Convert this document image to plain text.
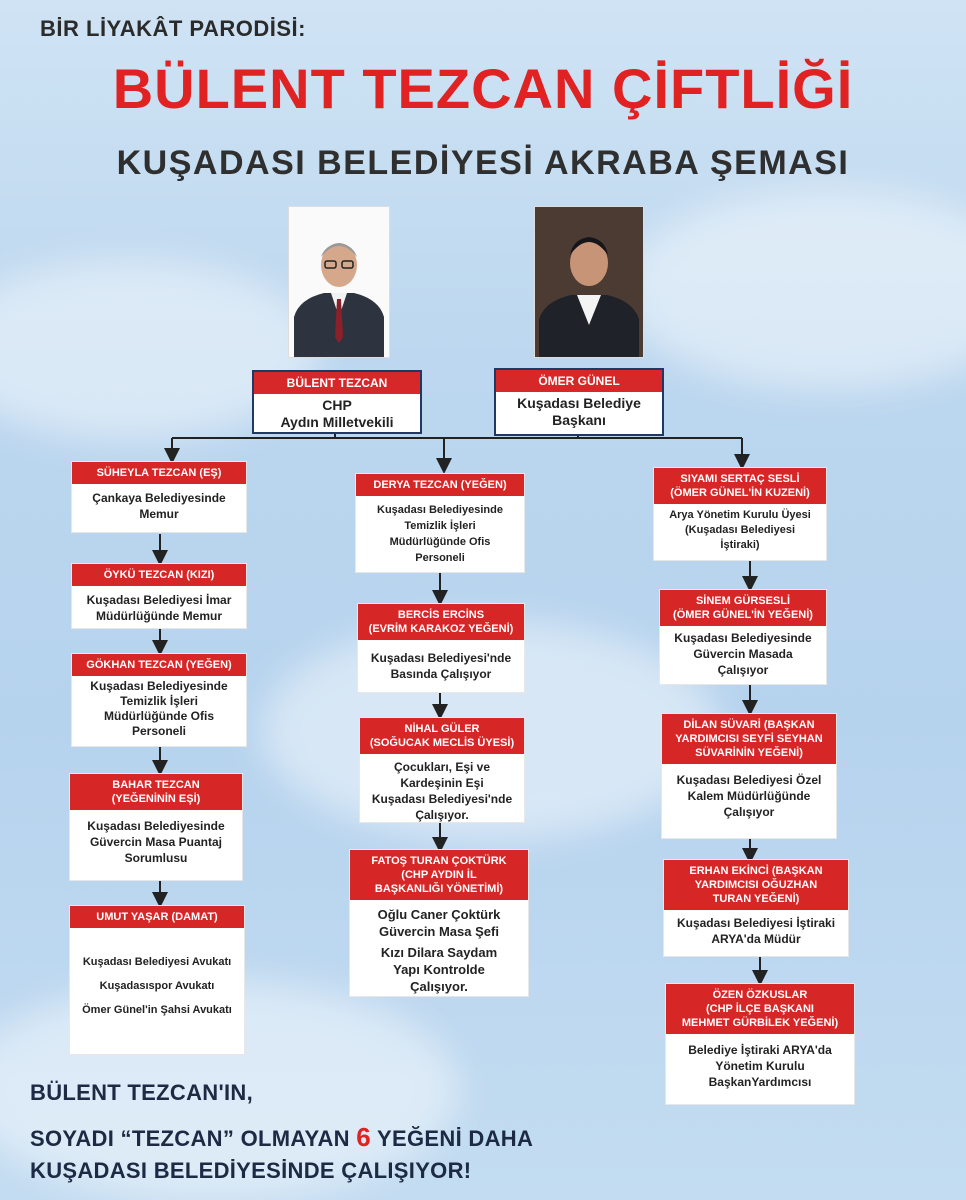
BİR LİYAKÂT PARODİSİ:
BÜLENT TEZCAN ÇİFTLİĞİ
KUŞADASI BELEDİYESİ AKRABA ŞEMASI
BÜLENT TEZCAN
CHP
Aydın Milletvekili
ÖMER GÜNEL
Kuşadası Belediye
Başkanı
SÜHEYLA TEZCAN (EŞ)

Çankaya Belediyesinde
Memur

ÖYKÜ TEZCAN (KIZI)

Kuşadası Belediyesi İmar
Müdürlüğünde Memur

GÖKHAN TEZCAN (YEĞEN)

Kuşadası Belediyesinde
Temizlik İşleri
Müdürlüğünde Ofis
Personeli

BAHAR TEZCAN
(YEĞENİNİN EŞİ)

Kuşadası Belediyesinde
Güvercin Masa Puantaj
Sorumlusu

UMUT YAŞAR (DAMAT)

Kuşadası Belediyesi Avukatı

Kuşadasıspor Avukatı

Ömer Günel'in Şahsi Avukatı

DERYA TEZCAN (YEĞEN)

Kuşadası Belediyesinde
Temizlik İşleri
Müdürlüğünde Ofis
Personeli

BERCİS ERCİNS
(EVRİM KARAKOZ YEĞENİ)

Kuşadası Belediyesi'nde
Basında Çalışıyor

NİHAL GÜLER
(SOĞUCAK MECLİS ÜYESİ)

Çocukları, Eşi ve
Kardeşinin Eşi
Kuşadası Belediyesi'nde
Çalışıyor.

FATOŞ TURAN ÇOKTÜRK
(CHP AYDIN İL
BAŞKANLIĞI YÖNETİMİ)

Oğlu Caner Çoktürk
Güvercin Masa Şefi

Kızı Dilara Saydam
Yapı Kontrolde
Çalışıyor.

SIYAMI SERTAÇ SESLİ
(ÖMER GÜNEL'İN KUZENİ)

Arya Yönetim Kurulu Üyesi
(Kuşadası Belediyesi
İştiraki)

SİNEM GÜRSESLİ
(ÖMER GÜNEL'İN YEĞENİ)

Kuşadası Belediyesinde
Güvercin Masada
Çalışıyor

DİLAN SÜVARİ (BAŞKAN
YARDIMCISI SEYFİ SEYHAN
SÜVARİNİN YEĞENİ)

Kuşadası Belediyesi Özel
Kalem Müdürlüğünde
Çalışıyor

ERHAN EKİNCİ (BAŞKAN
YARDIMCISI OĞUZHAN
TURAN YEĞENİ)

Kuşadası Belediyesi İştiraki
ARYA'da Müdür

ÖZEN ÖZKUSLAR
(CHP İLÇE BAŞKANI
MEHMET GÜRBİLEK YEĞENİ)

Belediye İştiraki ARYA'da
Yönetim Kurulu
BaşkanYardımcısı

BÜLENT TEZCAN'IN,
SOYADI “TEZCAN” OLMAYAN 6 YEĞENİ DAHA
KUŞADASI BELEDİYESİNDE ÇALIŞIYOR!
